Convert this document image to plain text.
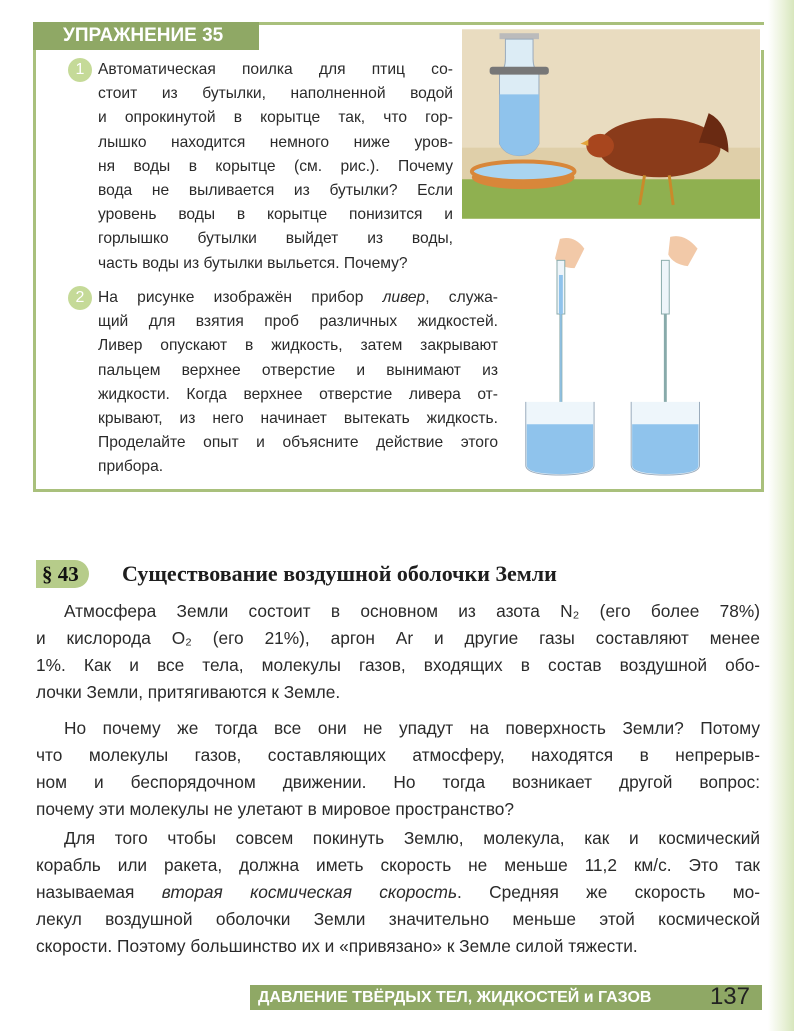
УПРАЖНЕНИЕ 35
1 Автоматическая поилка для птиц со-
стоит из бутылки, наполненной водой
и опрокинутой в корытце так, что гор-
лышко находится немного ниже уров-
ня воды в корытце (см. рис.). Почему
вода не выливается из бутылки? Если
уровень воды в корытце понизится и
горлышко бутылки выйдет из воды,
часть воды из бутылки выльется. Почему?
2 На рисунке изображён прибор ливер, служа-
щий для взятия проб различных жидкостей.
Ливер опускают в жидкость, затем закрывают
пальцем верхнее отверстие и вынимают из
жидкости. Когда верхнее отверстие ливера от-
крывают, из него начинает вытекать жидкость.
Проделайте опыт и объясните действие этого
прибора.
§ 43	Существование воздушной оболочки Земли
Атмосфера Земли состоит в основном из азота N₂ (его более 78%)
и кислорода O₂ (его 21%), аргон Ar и другие газы составляют менее
1%. Как и все тела, молекулы газов, входящих в состав воздушной обо-
лочки Земли, притягиваются к Земле.
Но почему же тогда все они не упадут на поверхность Земли? Потому
что молекулы газов, составляющих атмосферу, находятся в непрерыв-
ном и беспорядочном движении. Но тогда возникает другой вопрос:
почему эти молекулы не улетают в мировое пространство?
Для того чтобы совсем покинуть Землю, молекула, как и космический
корабль или ракета, должна иметь скорость не меньше 11,2 км/с. Это так
называемая вторая космическая скорость. Средняя же скорость мо-
лекул воздушной оболочки Земли значительно меньше этой космической
скорости. Поэтому большинство их и «привязано» к Земле силой тяжести.
ДАВЛЕНИЕ ТВЁРДЫХ ТЕЛ, ЖИДКОСТЕЙ и ГАЗОВ 137
